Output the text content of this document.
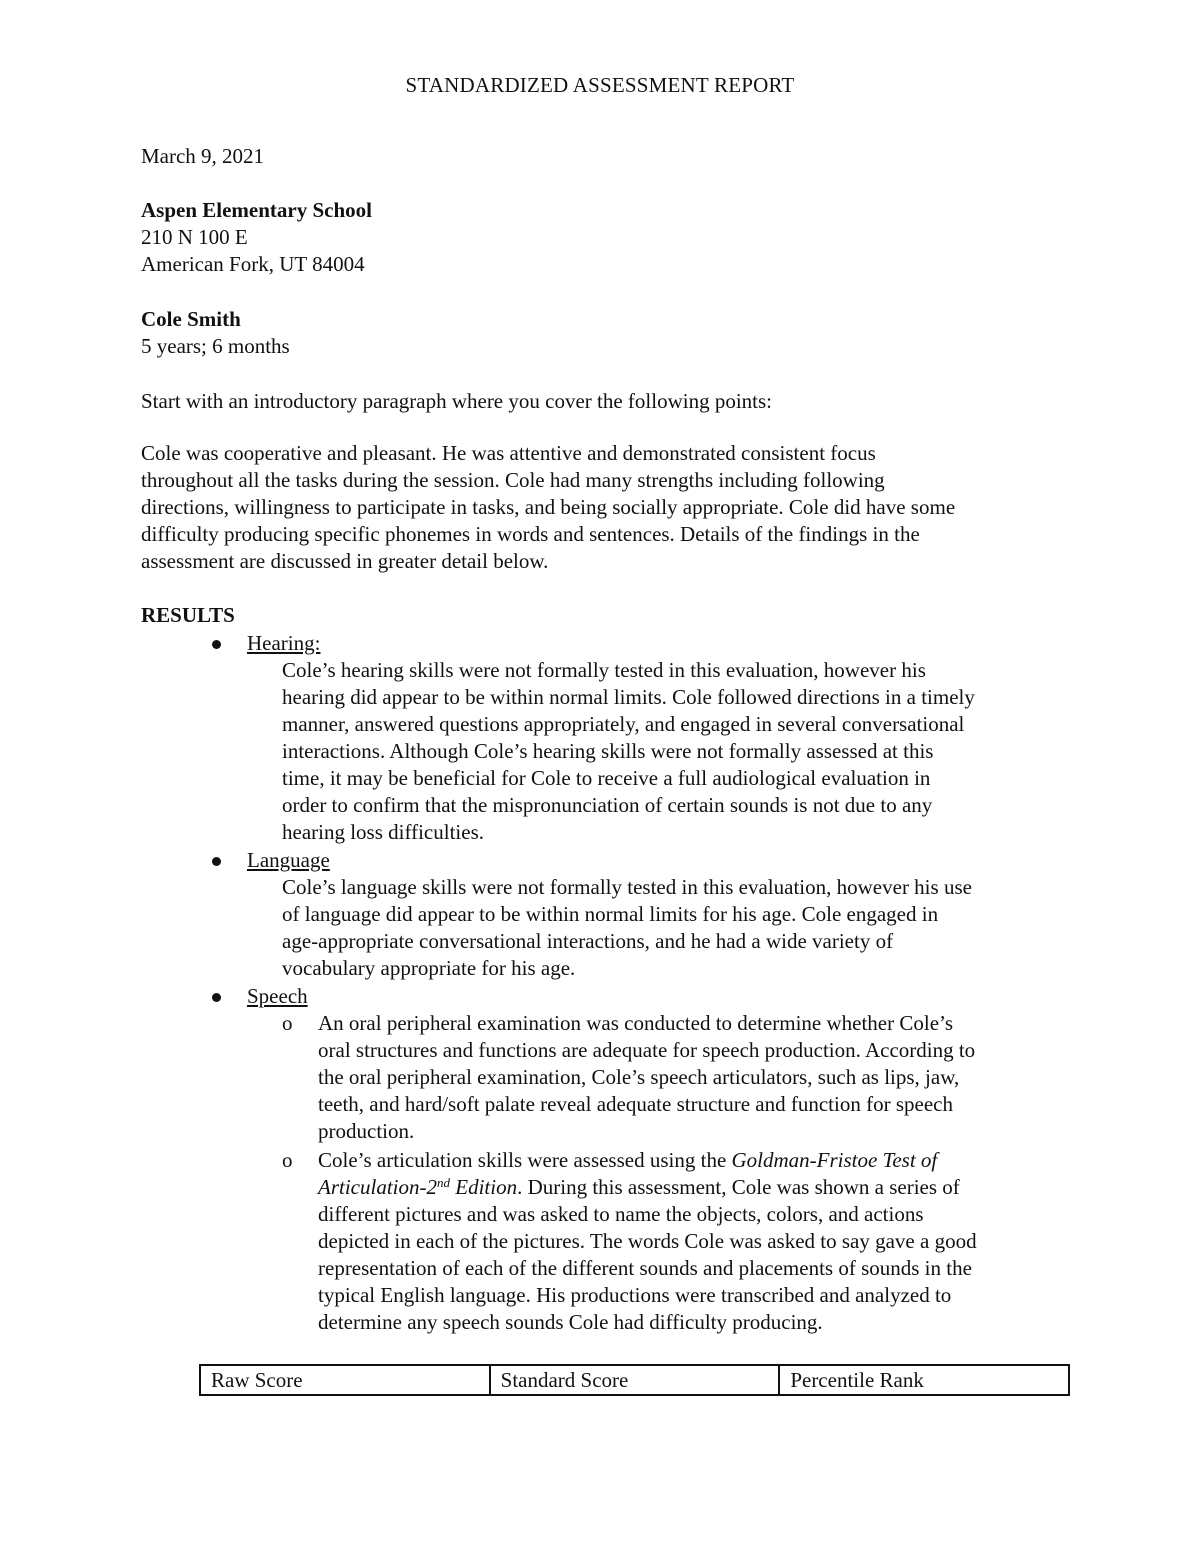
STANDARDIZED ASSESSMENT REPORT
March 9, 2021
Aspen Elementary School
210 N 100 E
American Fork, UT 84004
Cole Smith
5 years; 6 months
Start with an introductory paragraph where you cover the following points:

Cole was cooperative and pleasant. He was attentive and demonstrated consistent focus

throughout all the tasks during the session. Cole had many strengths including following

directions, willingness to participate in tasks, and being socially appropriate. Cole did have some

difficulty producing specific phonemes in words and sentences. Details of the findings in the

assessment are discussed in greater detail below.

RESULTS
Hearing:
Cole’s hearing skills were not formally tested in this evaluation, however his
hearing did appear to be within normal limits. Cole followed directions in a timely
manner, answered questions appropriately, and engaged in several conversational
interactions. Although Cole’s hearing skills were not formally assessed at this
time, it may be beneficial for Cole to receive a full audiological evaluation in
order to confirm that the mispronunciation of certain sounds is not due to any
hearing loss difficulties.
Language
Cole’s language skills were not formally tested in this evaluation, however his use
of language did appear to be within normal limits for his age. Cole engaged in
age-appropriate conversational interactions, and he had a wide variety of
vocabulary appropriate for his age.
Speech
o An oral peripheral examination was conducted to determine whether Cole’s
oral structures and functions are adequate for speech production. According to
the oral peripheral examination, Cole’s speech articulators, such as lips, jaw,
teeth, and hard/soft palate reveal adequate structure and function for speech
production.
o Cole’s articulation skills were assessed using the Goldman-Fristoe Test of
Articulation-2nd Edition. During this assessment, Cole was shown a series of
different pictures and was asked to name the objects, colors, and actions
depicted in each of the pictures. The words Cole was asked to say gave a good
representation of each of the different sounds and placements of sounds in the
typical English language. His productions were transcribed and analyzed to
determine any speech sounds Cole had difficulty producing.
Raw Score	Standard Score	Percentile Rank
